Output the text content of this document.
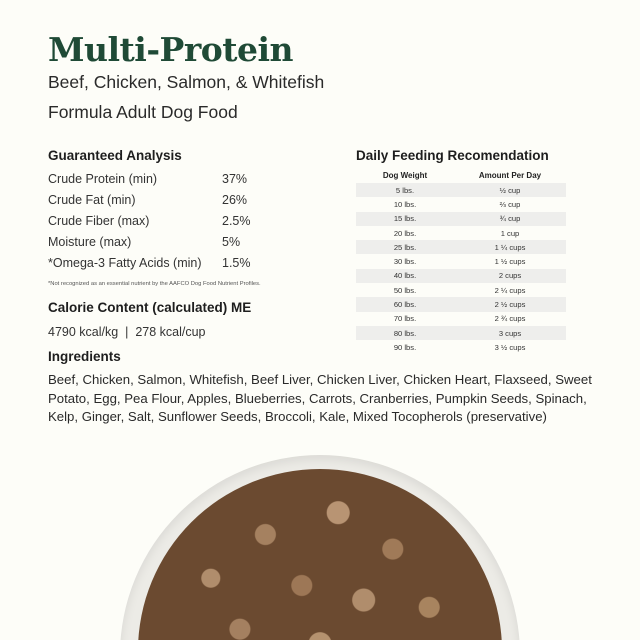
Multi-Protein

Beef, Chicken, Salmon, & Whitefish

Formula Adult Dog Food

Guaranteed Analysis
Crude Protein (min)	37%
Crude Fat (min)	26%
Crude Fiber (max)	2.5%
Moisture (max)	5%
*Omega-3 Fatty Acids (min)	1.5%
*Not recognized as an essential nutrient by the AAFCO Dog Food Nutrient Profiles.
Calorie Content (calculated) ME
4790 kcal/kg  |  278 kcal/cup
Ingredients
Beef, Chicken, Salmon, Whitefish, Beef Liver, Chicken Liver, Chicken Heart, Flaxseed, Sweet Potato, Egg, Pea Flour, Apples, Blueberries, Carrots, Cranberries, Pumpkin Seeds, Spinach, Kelp, Ginger, Salt, Sunflower Seeds, Broccoli, Kale, Mixed Tocopherols (preservative)
Daily Feeding Recomendation
Dog Weight	Amount Per Day
5 lbs.	½ cup
10 lbs.	⅔ cup
15 lbs.	¾ cup
20 lbs.	1 cup
25 lbs.	1 ¼ cups
30 lbs.	1 ½ cups
40 lbs.	2 cups
50 lbs.	2 ¼ cups
60 lbs.	2 ½ cups
70 lbs.	2 ¾ cups
80 lbs.	3 cups
90 lbs.	3 ½ cups
